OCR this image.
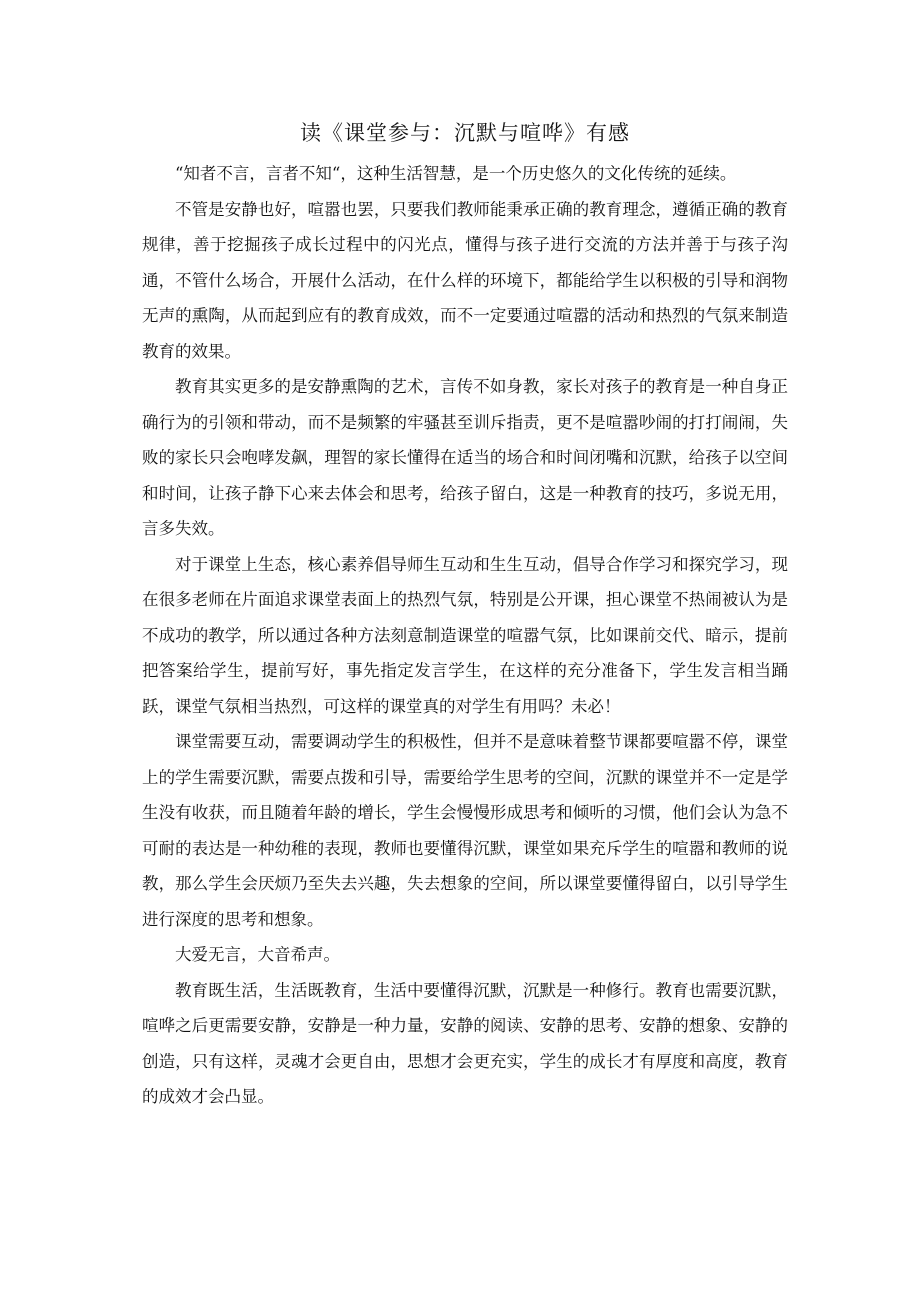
读《课堂参与：沉默与喧哗》有感

“知者不言，言者不知“，这种生活智慧，是一个历史悠久的文化传统的延续。

不管是安静也好，喧嚣也罢，只要我们教师能秉承正确的教育理念，遵循正确的教育规律，善于挖掘孩子成长过程中的闪光点，懂得与孩子进行交流的方法并善于与孩子沟通，不管什么场合，开展什么活动，在什么样的环境下，都能给学生以积极的引导和润物无声的熏陶，从而起到应有的教育成效，而不一定要通过喧嚣的活动和热烈的气氛来制造教育的效果。

教育其实更多的是安静熏陶的艺术，言传不如身教，家长对孩子的教育是一种自身正确行为的引领和带动，而不是频繁的牢骚甚至训斥指责，更不是喧嚣吵闹的打打闹闹，失败的家长只会咆哮发飙，理智的家长懂得在适当的场合和时间闭嘴和沉默，给孩子以空间和时间，让孩子静下心来去体会和思考，给孩子留白，这是一种教育的技巧，多说无用，言多失效。

对于课堂上生态，核心素养倡导师生互动和生生互动，倡导合作学习和探究学习，现在很多老师在片面追求课堂表面上的热烈气氛，特别是公开课，担心课堂不热闹被认为是不成功的教学，所以通过各种方法刻意制造课堂的喧嚣气氛，比如课前交代、暗示，提前把答案给学生，提前写好，事先指定发言学生，在这样的充分准备下，学生发言相当踊跃，课堂气氛相当热烈，可这样的课堂真的对学生有用吗？未必！

课堂需要互动，需要调动学生的积极性，但并不是意味着整节课都要喧嚣不停，课堂上的学生需要沉默，需要点拨和引导，需要给学生思考的空间，沉默的课堂并不一定是学生没有收获，而且随着年龄的增长，学生会慢慢形成思考和倾听的习惯，他们会认为急不可耐的表达是一种幼稚的表现，教师也要懂得沉默，课堂如果充斥学生的喧嚣和教师的说教，那么学生会厌烦乃至失去兴趣，失去想象的空间，所以课堂要懂得留白，以引导学生进行深度的思考和想象。

大爱无言，大音希声。

教育既生活，生活既教育，生活中要懂得沉默，沉默是一种修行。教育也需要沉默，喧哗之后更需要安静，安静是一种力量，安静的阅读、安静的思考、安静的想象、安静的创造，只有这样，灵魂才会更自由，思想才会更充实，学生的成长才有厚度和高度，教育的成效才会凸显。
